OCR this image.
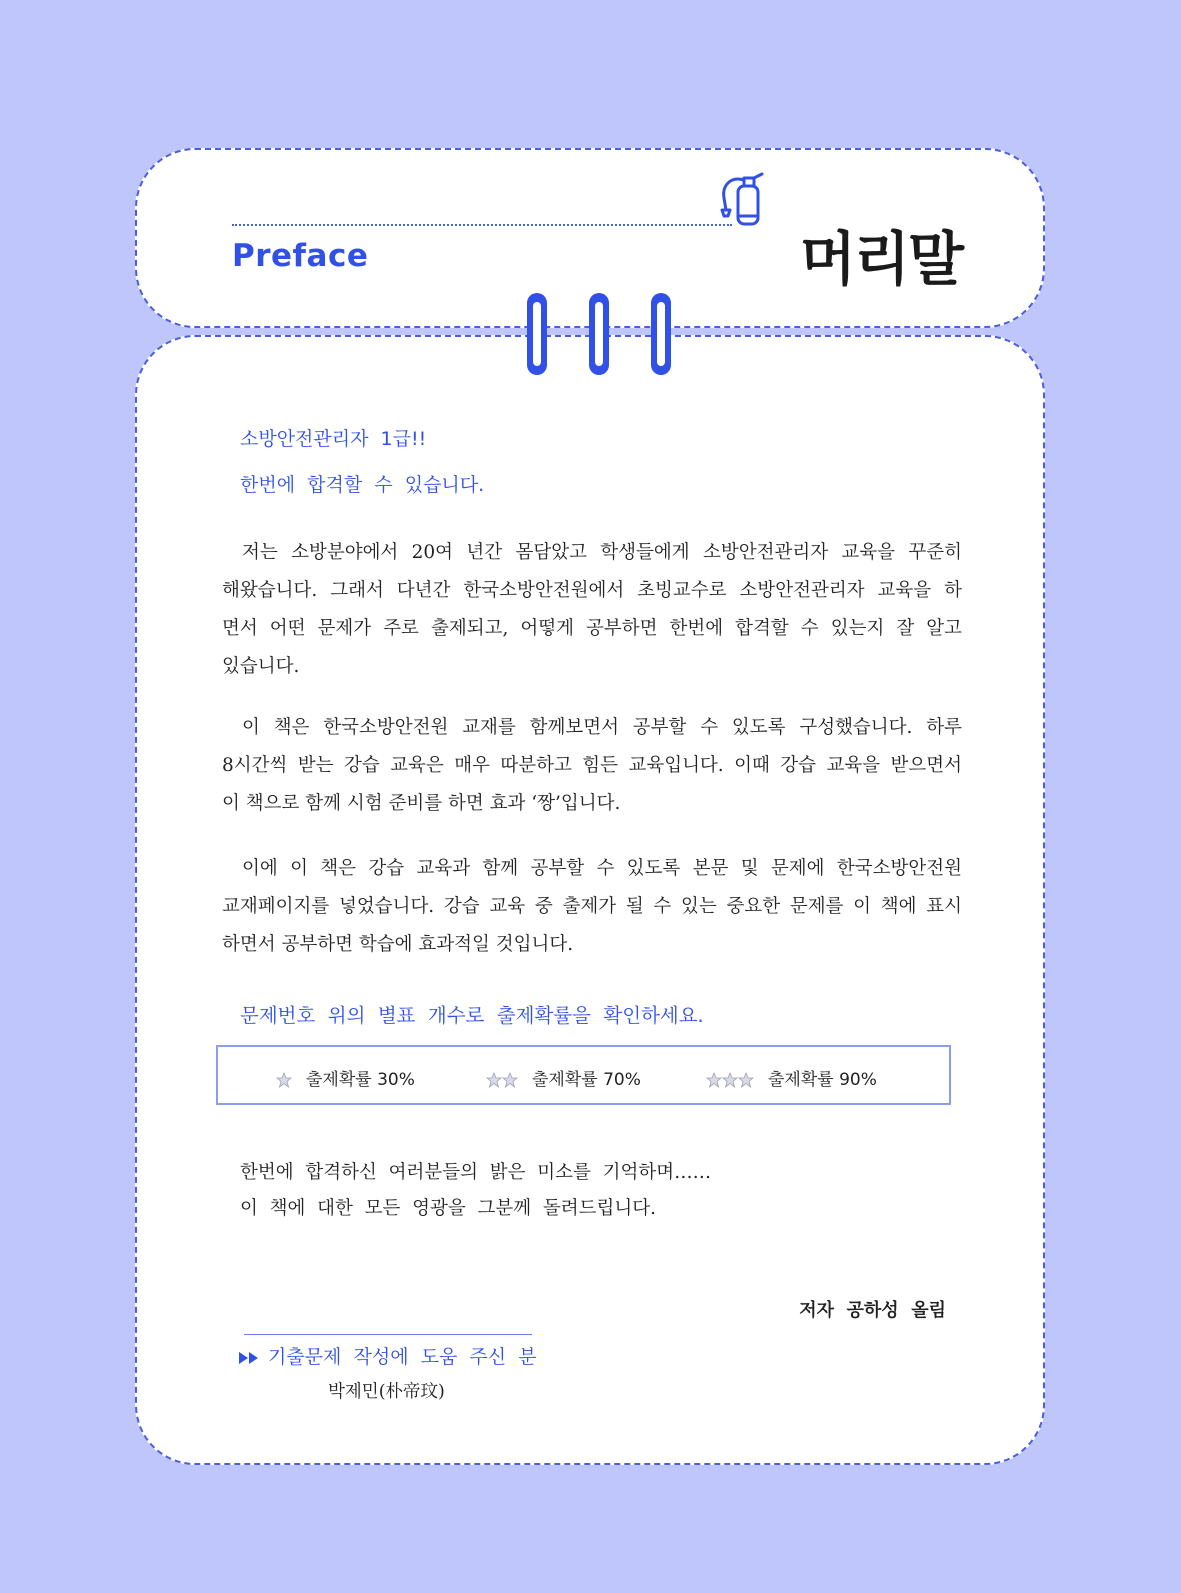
Preface	머리말
소방안전관리자  1급!!
한번에  합격할  수  있습니다.
저는 소방분야에서 20여 년간 몸담았고 학생들에게 소방안전관리자 교육을 꾸준히
해왔습니다. 그래서 다년간 한국소방안전원에서 초빙교수로 소방안전관리자 교육을 하
면서 어떤 문제가 주로 출제되고, 어떻게 공부하면 한번에 합격할 수 있는지 잘 알고
있습니다.
이 책은 한국소방안전원 교재를 함께보면서 공부할 수 있도록 구성했습니다. 하루
8시간씩 받는 강습 교육은 매우 따분하고 힘든 교육입니다. 이때 강습 교육을 받으면서
이 책으로 함께 시험 준비를 하면 효과 ‘짱’입니다.
이에 이 책은 강습 교육과 함께 공부할 수 있도록 본문 및 문제에 한국소방안전원
교재페이지를 넣었습니다. 강습 교육 중 출제가 될 수 있는 중요한 문제를 이 책에 표시
하면서 공부하면 학습에 효과적일 것입니다.
문제번호  위의  별표  개수로  출제확률을  확인하세요.
출제확률 30%	출제확률 70%	출제확률 90%
한번에  합격하신  여러분들의  밝은  미소를  기억하며……
이  책에  대한  모든  영광을  그분께  돌려드립니다.
저자  공하성  올림
기출문제  작성에  도움  주신  분
박제민(朴帝玟)
